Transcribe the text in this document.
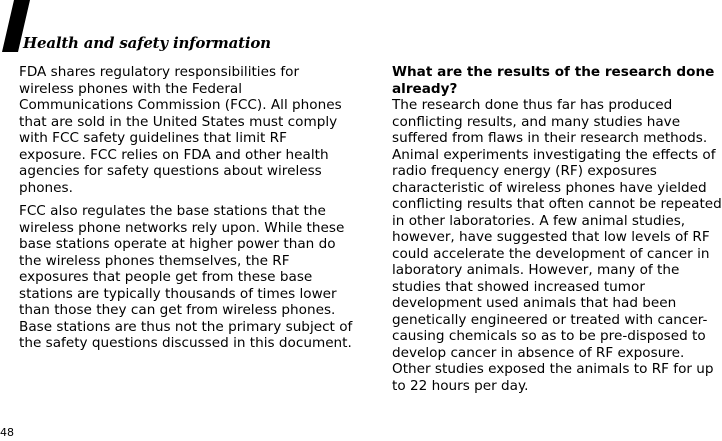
Health and safety information

FDA shares regulatory responsibilities for wireless phones with the Federal Communications Commission (FCC). All phones that are sold in the United States must comply with FCC safety guidelines that limit RF exposure. FCC relies on FDA and other health agencies for safety questions about wireless phones.

FCC also regulates the base stations that the wireless phone networks rely upon. While these base stations operate at higher power than do the wireless phones themselves, the RF exposures that people get from these base stations are typically thousands of times lower than those they can get from wireless phones. Base stations are thus not the primary subject of the safety questions discussed in this document.

What are the results of the research done already?

The research done thus far has produced conflicting results, and many studies have suffered from flaws in their research methods. Animal experiments investigating the effects of radio frequency energy (RF) exposures characteristic of wireless phones have yielded conflicting results that often cannot be repeated in other laboratories. A few animal studies, however, have suggested that low levels of RF could accelerate the development of cancer in laboratory animals. However, many of the studies that showed increased tumor development used animals that had been genetically engineered or treated with cancer-causing chemicals so as to be pre-disposed to develop cancer in absence of RF exposure. Other studies exposed the animals to RF for up to 22 hours per day.

48
